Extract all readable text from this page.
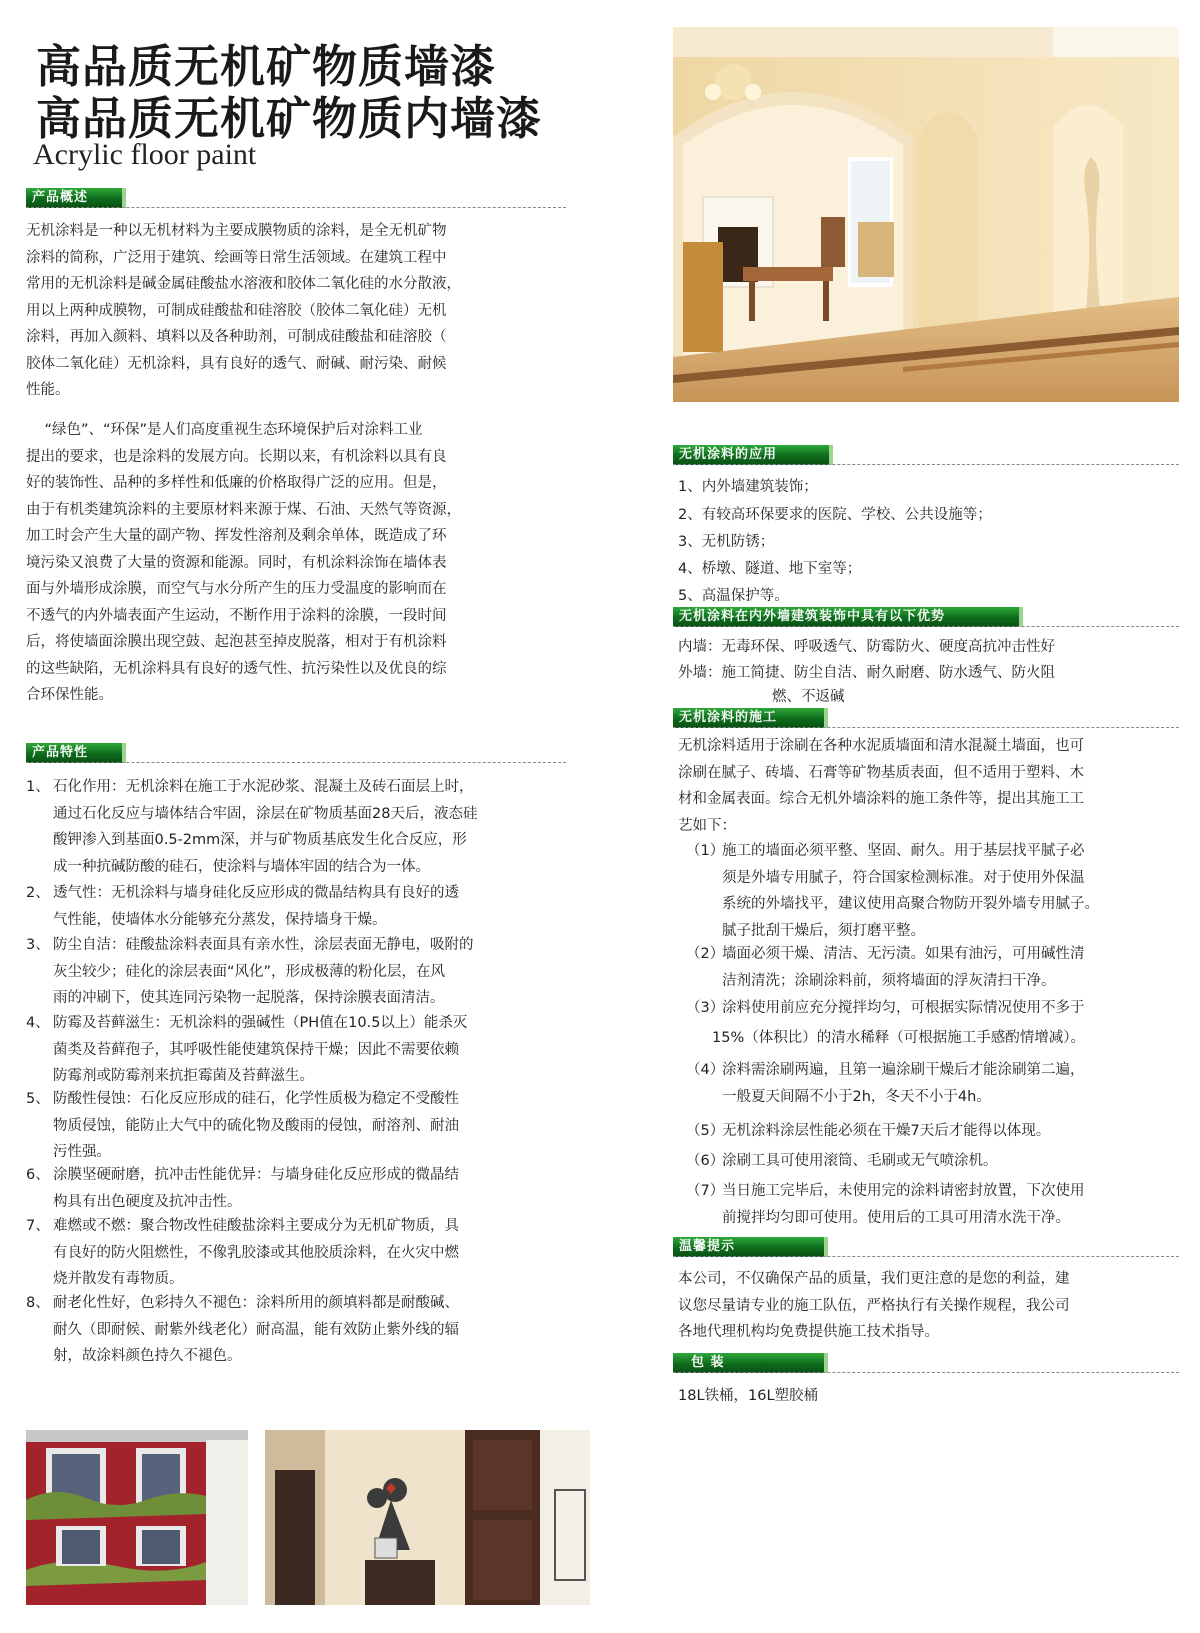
高品质无机矿物质墙漆
高品质无机矿物质内墙漆
Acrylic floor paint
产品概述
无机涂料是一种以无机材料为主要成膜物质的涂料，是全无机矿物
涂料的简称，广泛用于建筑、绘画等日常生活领域。在建筑工程中
常用的无机涂料是碱金属硅酸盐水溶液和胶体二氧化硅的水分散液，
用以上两种成膜物，可制成硅酸盐和硅溶胶（胶体二氧化硅）无机
涂料，再加入颜料、填料以及各种助剂，可制成硅酸盐和硅溶胶（
胶体二氧化硅）无机涂料，具有良好的透气、耐碱、耐污染、耐候
性能。
“绿色”、“环保”是人们高度重视生态环境保护后对涂料工业
提出的要求，也是涂料的发展方向。长期以来，有机涂料以具有良
好的装饰性、品种的多样性和低廉的价格取得广泛的应用。但是，
由于有机类建筑涂料的主要原材料来源于煤、石油、天然气等资源，
加工时会产生大量的副产物、挥发性溶剂及剩余单体，既造成了环
境污染又浪费了大量的资源和能源。同时，有机涂料涂饰在墙体表
面与外墙形成涂膜，而空气与水分所产生的压力受温度的影响而在
不透气的内外墙表面产生运动，不断作用于涂料的涂膜，一段时间
后，将使墙面涂膜出现空鼓、起泡甚至掉皮脱落，相对于有机涂料
的这些缺陷，无机涂料具有良好的透气性、抗污染性以及优良的综
合环保性能。
产品特性
1、 石化作用：无机涂料在施工于水泥砂浆、混凝土及砖石面层上时，
通过石化反应与墙体结合牢固，涂层在矿物质基面28天后，液态硅
酸钾渗入到基面0.5-2mm深，并与矿物质基底发生化合反应，形
成一种抗碱防酸的硅石，使涂料与墙体牢固的结合为一体。
2、 透气性：无机涂料与墙身硅化反应形成的微晶结构具有良好的透
气性能，使墙体水分能够充分蒸发，保持墙身干燥。
3、 防尘自洁：硅酸盐涂料表面具有亲水性，涂层表面无静电，吸附的
灰尘较少；硅化的涂层表面“风化”，形成极薄的粉化层，在风
雨的冲刷下，使其连同污染物一起脱落，保持涂膜表面清洁。
4、 防霉及苔藓滋生：无机涂料的强碱性（PH值在10.5以上）能杀灭
菌类及苔藓孢子，其呼吸性能使建筑保持干燥；因此不需要依赖
防霉剂或防霉剂来抗拒霉菌及苔藓滋生。
5、 防酸性侵蚀：石化反应形成的硅石，化学性质极为稳定不受酸性
物质侵蚀，能防止大气中的硫化物及酸雨的侵蚀，耐溶剂、耐油
污性强。
6、 涂膜坚硬耐磨，抗冲击性能优异：与墙身硅化反应形成的微晶结
构具有出色硬度及抗冲击性。
7、 难燃或不燃：聚合物改性硅酸盐涂料主要成分为无机矿物质，具
有良好的防火阻燃性，不像乳胶漆或其他胶质涂料，在火灾中燃
烧并散发有毒物质。
8、 耐老化性好，色彩持久不褪色：涂料所用的颜填料都是耐酸碱、
耐久（即耐候、耐紫外线老化）耐高温，能有效防止紫外线的辐
射，故涂料颜色持久不褪色。
无机涂料的应用
1、内外墙建筑装饰；
2、有较高环保要求的医院、学校、公共设施等；
3、无机防锈；
4、桥墩、隧道、地下室等；
5、高温保护等。
无机涂料在内外墙建筑装饰中具有以下优势
内墙：无毒环保、呼吸透气、防霉防火、硬度高抗冲击性好
外墙：施工简捷、防尘自洁、耐久耐磨、防水透气、防火阻
燃、不返碱
无机涂料的施工
无机涂料适用于涂刷在各种水泥质墙面和清水混凝土墙面，也可
涂刷在腻子、砖墙、石膏等矿物基质表面，但不适用于塑料、木
材和金属表面。综合无机外墙涂料的施工条件等，提出其施工工
艺如下：
（1）
施工的墙面必须平整、坚固、耐久。用于基层找平腻子必
须是外墙专用腻子，符合国家检测标准。对于使用外保温
系统的外墙找平，建议使用高聚合物防开裂外墙专用腻子。
腻子批刮干燥后，须打磨平整。
（2）
墙面必须干燥、清洁、无污渍。如果有油污，可用碱性清
洁剂清洗；涂刷涂料前，须将墙面的浮灰清扫干净。
（3）
涂料使用前应充分搅拌均匀，可根据实际情况使用不多于
15%（体积比）的清水稀释（可根据施工手感酌情增减）。
（4）
涂料需涂刷两遍，且第一遍涂刷干燥后才能涂刷第二遍，
一般夏天间隔不小于2h，冬天不小于4h。
（5）
无机涂料涂层性能必须在干燥7天后才能得以体现。
（6）
涂刷工具可使用滚筒、毛刷或无气喷涂机。
（7）
当日施工完毕后，未使用完的涂料请密封放置，下次使用
前搅拌均匀即可使用。使用后的工具可用清水洗干净。
温馨提示
本公司，不仅确保产品的质量，我们更注意的是您的利益，建
议您尽量请专业的施工队伍，严格执行有关操作规程，我公司
各地代理机构均免费提供施工技术指导。
包 装
18L铁桶，16L塑胶桶
